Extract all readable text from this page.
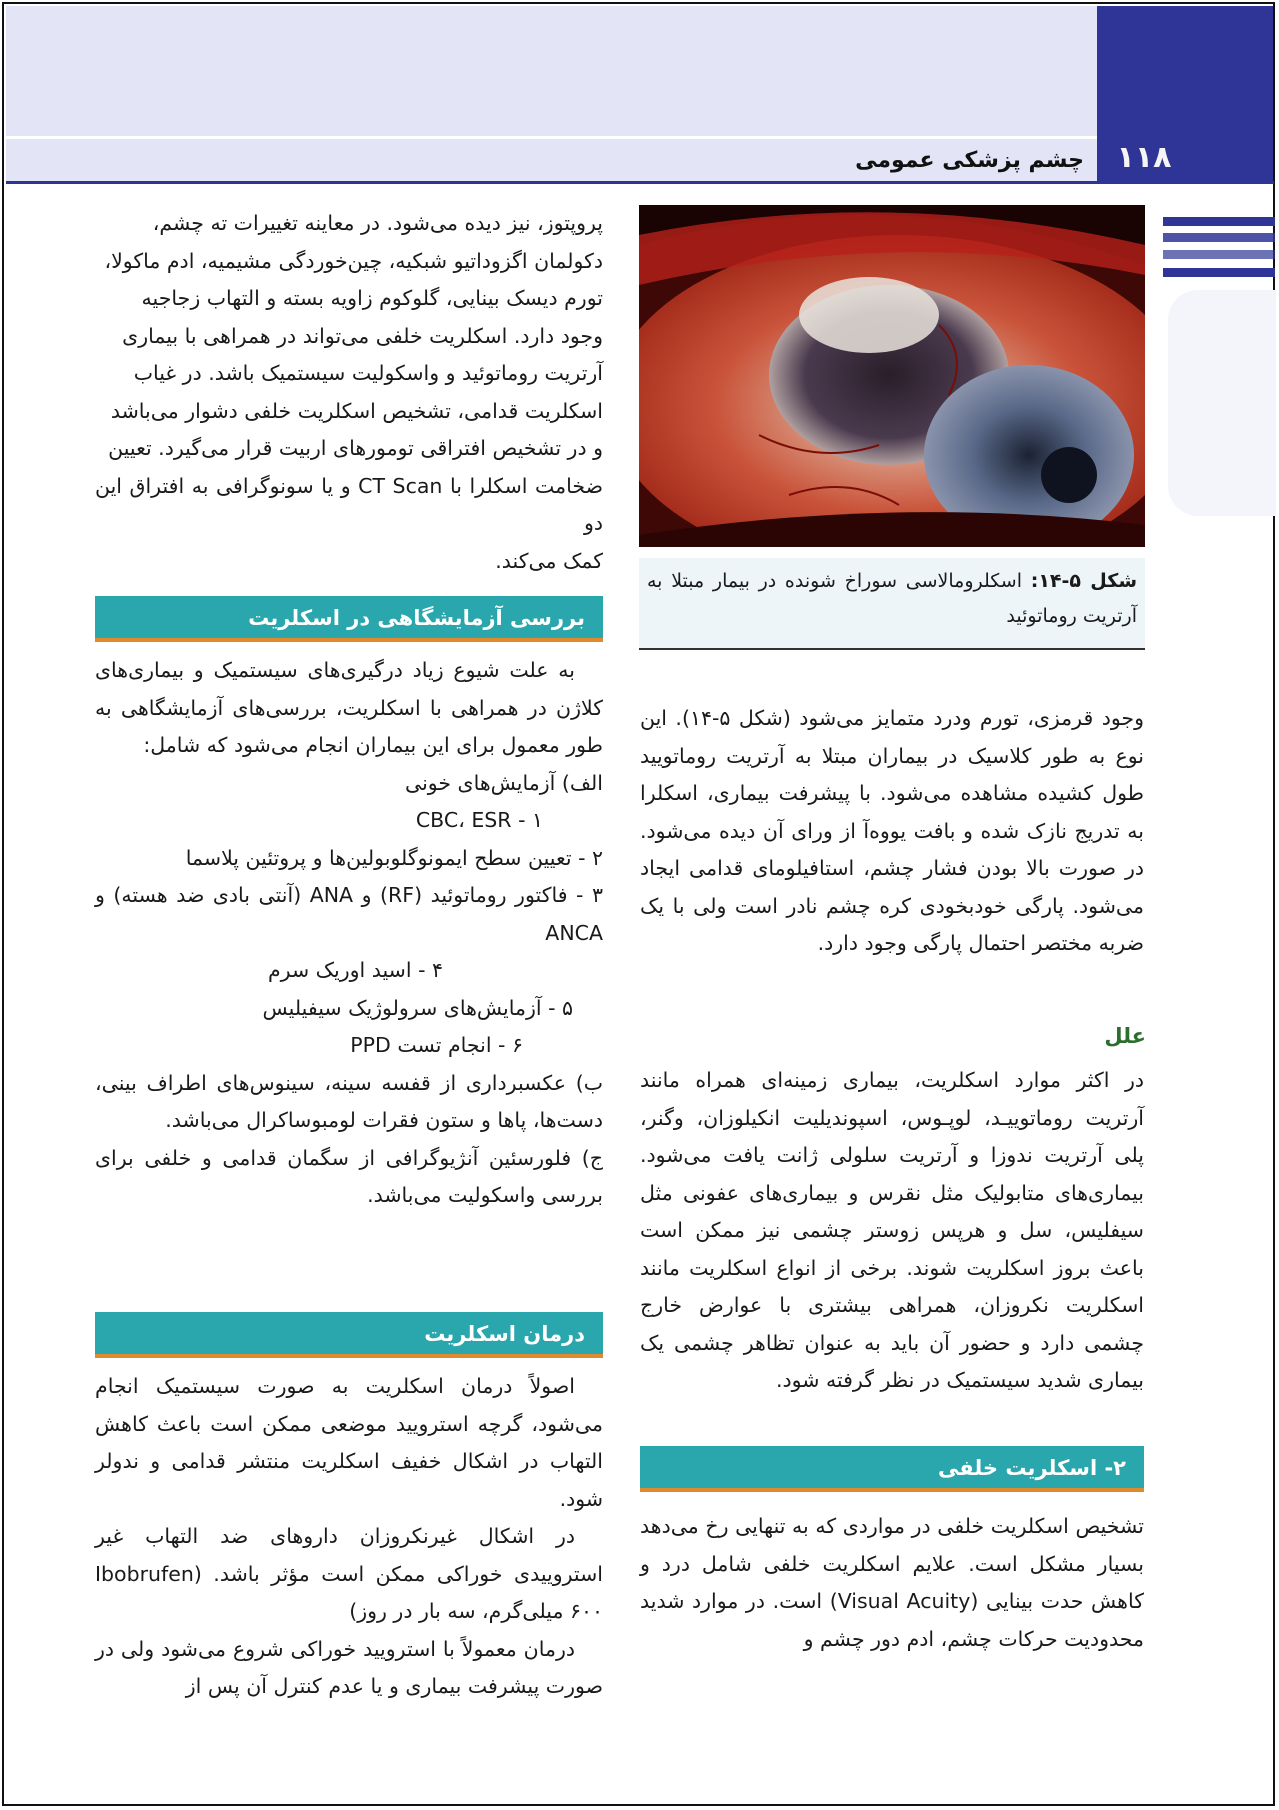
۱۱۸
چشم پزشکی عمومی

پروپتوز، نیز دیده می‌شود. در معاینه تغییرات ته چشم،

دکولمان اگزوداتیو شبکیه، چین‌خوردگی مشیمیه، ادم ماکولا،

تورم دیسک بینایی، گلوکوم زاویه بسته و التهاب زجاجیه

وجود دارد. اسکلریت خلفی می‌تواند در همراهی با بیماری

آرتریت روماتوئید و واسکولیت سیستمیک باشد. در غیاب

اسکلریت قدامی، تشخیص اسکلریت خلفی دشوار می‌باشد

و در تشخیص افتراقی تومورهای اربیت قرار می‌گیرد. تعیین

ضخامت اسکلرا با CT Scan و یا سونوگرافی به افتراق این دو

کمک می‌کند.

بررسی آزمایشگاهی در اسکلریت

به علت شیوع زیاد درگیری‌های سیستمیک و بیماری‌های کلاژن در همراهی با اسکلریت، بررسی‌های آزمایشگاهی به طور معمول برای این بیماران انجام می‌شود که شامل:

الف) آزمایش‌های خونی

۱ - CBC، ESR

۲ - تعیین سطح ایمونوگلوبولین‌ها و پروتئین پلاسما

۳ - فاکتور روماتوئید (RF) و ANA (آنتی بادی ضد هسته) و ANCA

۴ - اسید اوریک سرم

۵ - آزمایش‌های سرولوژیک سیفیلیس

۶ - انجام تست PPD

ب) عکسبرداری از قفسه سینه، سینوس‌های اطراف بینی، دست‌ها، پاها و ستون فقرات لومبوساکرال می‌باشد.

ج) فلورسئین آنژیوگرافی از سگمان قدامی و خلفی برای بررسی واسکولیت می‌باشد.

درمان اسکلریت

اصولاً درمان اسکلریت به صورت سیستمیک انجام می‌شود، گرچه استرویید موضعی ممکن است باعث کاهش التهاب در اشکال خفیف اسکلریت منتشر قدامی و ندولر شود.

در اشکال غیرنکروزان داروهای ضد التهاب غیر استروییدی خوراکی ممکن است مؤثر باشد. (Ibobrufen ۶۰۰ میلی‌گرم، سه بار در روز)

درمان معمولاً با استرویید خوراکی شروع می‌شود ولی در صورت پیشرفت بیماری و یا عدم کنترل آن پس از

شکل ۵-۱۴: اسکلرومالاسی سوراخ شونده در بیمار مبتلا به آرتریت روماتوئید

وجود قرمزی، تورم ودرد متمایز می‌شود (شکل ۵-۱۴). این نوع به طور کلاسیک در بیماران مبتلا به آرتریت روماتویید طول کشیده مشاهده می‌شود. با پیشرفت بیماری، اسکلرا به تدریج نازک شده و بافت یووه‌آ از ورای آن دیده می‌شود. در صورت بالا بودن فشار چشم، استافیلومای قدامی ایجاد می‌شود. پارگی خودبخودی کره چشم نادر است ولی با یک ضربه مختصر احتمال پارگی وجود دارد.

علل

در اکثر موارد اسکلریت، بیماری زمینه‌ای همراه مانند آرتریت روماتوییـد، لوپـوس، اسپوندیلیت انکیلوزان، وگنر، پلی آرتریت ندوزا و آرتریت سلولی ژانت یافت می‌شود. بیماری‌های متابولیک مثل نقرس و بیماری‌های عفونی مثل سیفلیس، سل و هرپس زوستر چشمی نیز ممکن است باعث بروز اسکلریت شوند. برخی از انواع اسکلریت مانند اسکلریت نکروزان، همراهی بیشتری با عوارض خارج چشمی دارد و حضور آن باید به عنوان تظاهر چشمی یک بیماری شدید سیستمیک در نظر گرفته شود.

۲- اسکلریت خلفی

تشخیص اسکلریت خلفی در مواردی که به تنهایی رخ می‌دهد بسیار مشکل است. علایم اسکلریت خلفی شامل درد و کاهش حدت بینایی (Visual Acuity) است. در موارد شدید محدودیت حرکات چشم، ادم دور چشم و
